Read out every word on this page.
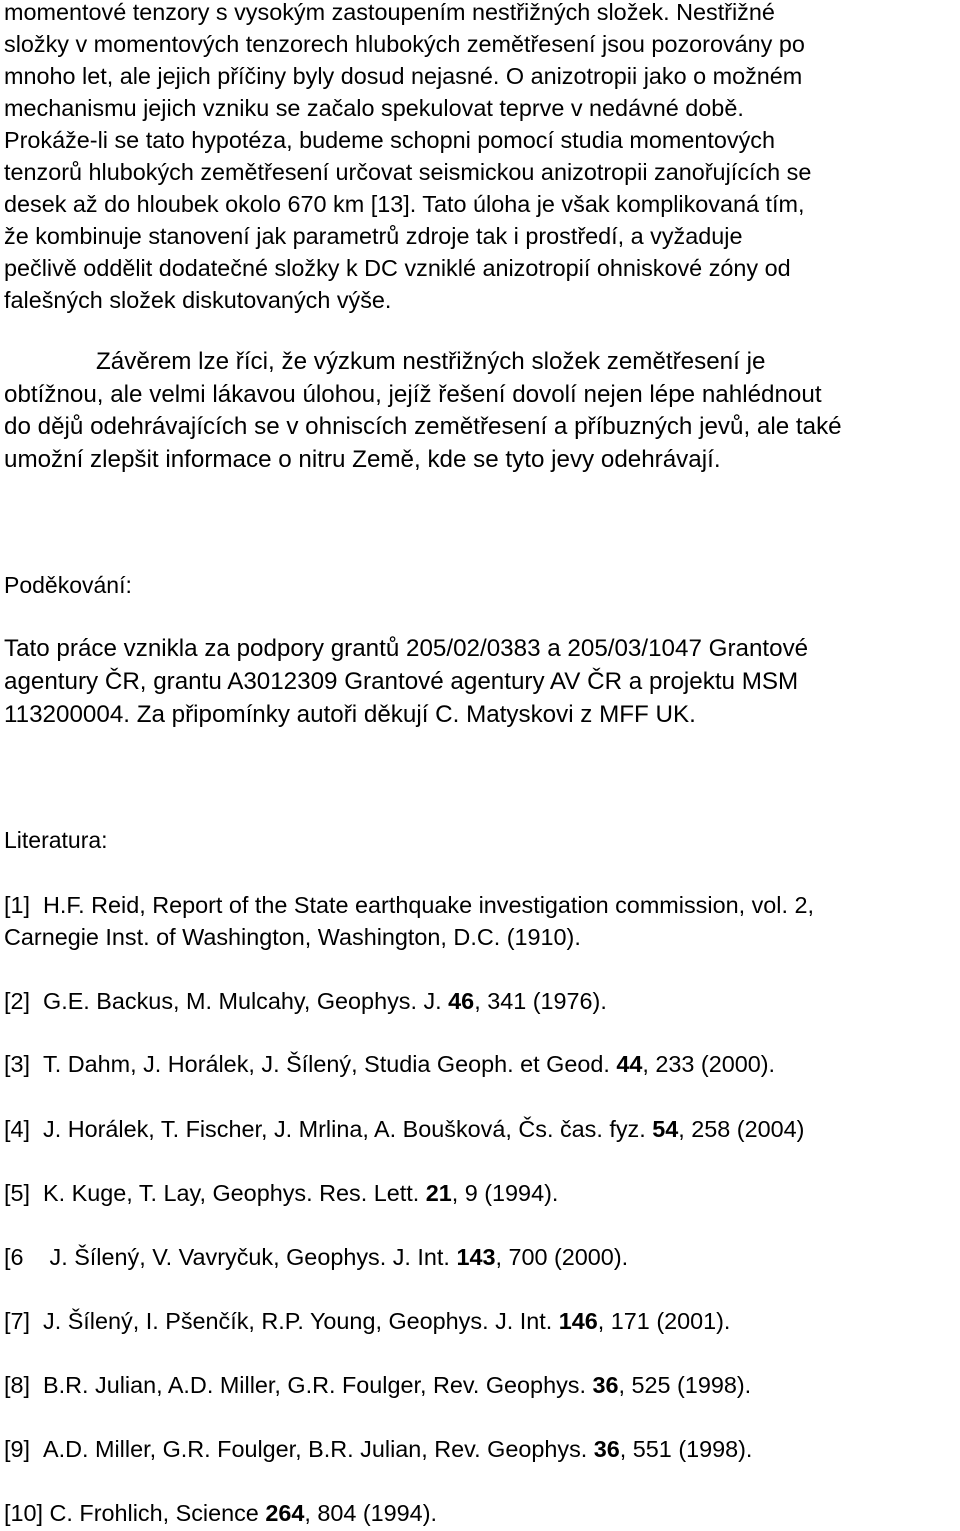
momentové tenzory s vysokým zastoupením nestřižných složek. Nestřižné
složky v momentových tenzorech hlubokých zemětřesení jsou pozorovány po
mnoho let, ale jejich příčiny byly dosud nejasné. O anizotropii jako o možném
mechanismu jejich vzniku se začalo spekulovat teprve v nedávné době.
Prokáže-li se tato hypotéza, budeme schopni pomocí studia momentových
tenzorů hlubokých zemětřesení určovat seismickou anizotropii zanořujících se
desek až do hloubek okolo 670 km [13]. Tato úloha je však komplikovaná tím,
že kombinuje stanovení jak parametrů zdroje tak i prostředí, a vyžaduje
pečlivě oddělit dodatečné složky k DC vzniklé anizotropií ohniskové zóny od
falešných složek diskutovaných výše.
Závěrem lze říci, že výzkum nestřižných složek zemětřesení je
obtížnou, ale velmi lákavou úlohou, jejíž řešení dovolí nejen lépe nahlédnout
do dějů odehrávajících se v ohniscích zemětřesení a příbuzných jevů, ale také
umožní zlepšit informace o nitru Země, kde se tyto jevy odehrávají.
Poděkování:
Tato práce vznikla za podpory grantů 205/02/0383 a 205/03/1047 Grantové
agentury ČR, grantu A3012309 Grantové agentury AV ČR a projektu MSM
113200004. Za připomínky autoři děkují C. Matyskovi z MFF UK.
Literatura:
[1] H.F. Reid, Report of the State earthquake investigation commission, vol. 2,
Carnegie Inst. of Washington, Washington, D.C. (1910).
[2] G.E. Backus, M. Mulcahy, Geophys. J. 46, 341 (1976).
[3] T. Dahm, J. Horálek, J. Šílený, Studia Geoph. et Geod. 44, 233 (2000).
[4] J. Horálek, T. Fischer, J. Mrlina, A. Boušková, Čs. čas. fyz. 54, 258 (2004)
[5] K. Kuge, T. Lay, Geophys. Res. Lett. 21, 9 (1994).
[6 J. Šílený, V. Vavryčuk, Geophys. J. Int. 143, 700 (2000).
[7] J. Šílený, I. Pšenčík, R.P. Young, Geophys. J. Int. 146, 171 (2001).
[8] B.R. Julian, A.D. Miller, G.R. Foulger, Rev. Geophys. 36, 525 (1998).
[9] A.D. Miller, G.R. Foulger, B.R. Julian, Rev. Geophys. 36, 551 (1998).
[10] C. Frohlich, Science 264, 804 (1994).
